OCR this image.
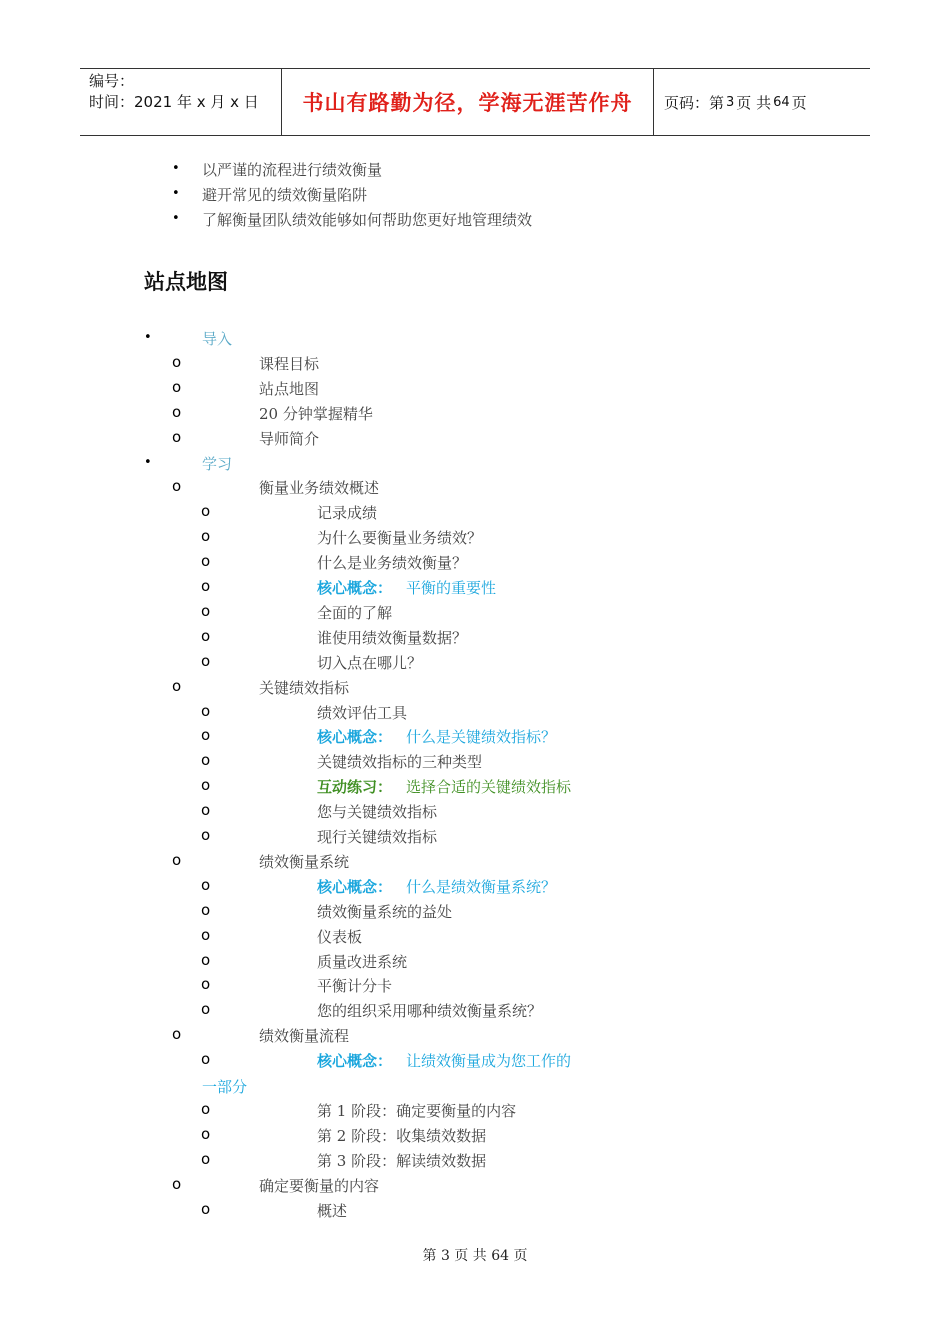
编号：
时间：2021 年 x 月 x 日	书山有路勤为径，学海无涯苦作舟 页码：第 3 页 共 64 页
• 以严谨的流程进行绩效衡量
• 避开常见的绩效衡量陷阱
• 了解衡量团队绩效能够如何帮助您更好地管理绩效
站点地图
•	导入
o	课程目标
o	站点地图
o	20 分钟掌握精华
o	导师简介
•	学习
o	衡量业务绩效概述
o	记录成绩
o	为什么要衡量业务绩效？
o	什么是业务绩效衡量？
o	核心概念： 平衡的重要性
o	全面的了解
o	谁使用绩效衡量数据？
o	切入点在哪儿？
o	关键绩效指标
o	绩效评估工具
o	核心概念： 什么是关键绩效指标？
o	关键绩效指标的三种类型
o	互动练习： 选择合适的关键绩效指标
o	您与关键绩效指标
o	现行关键绩效指标
o	绩效衡量系统
o	核心概念： 什么是绩效衡量系统？
o	绩效衡量系统的益处
o	仪表板
o	质量改进系统
o	平衡计分卡
o	您的组织采用哪种绩效衡量系统？
o	绩效衡量流程
o	核心概念： 让绩效衡量成为您工作的
一部分
o	第 1 阶段：确定要衡量的内容
o	第 2 阶段：收集绩效数据
o	第 3 阶段：解读绩效数据
o	确定要衡量的内容
o	概述
第 3 页 共 64 页
